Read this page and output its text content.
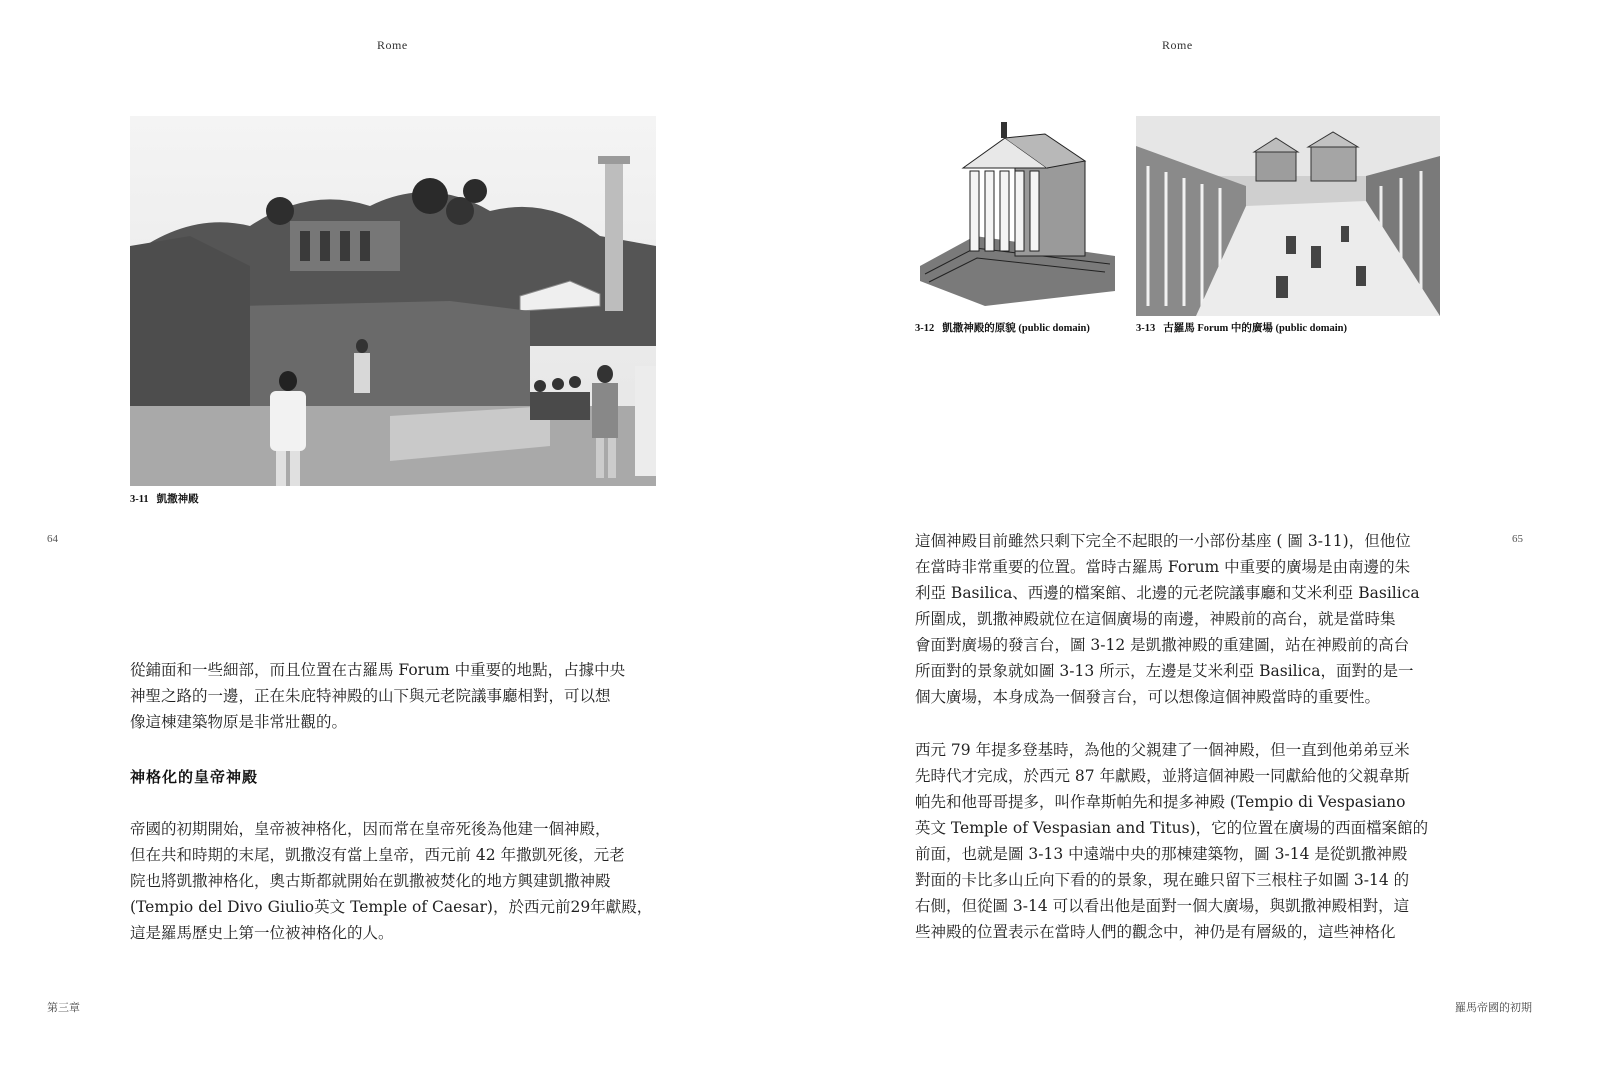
Rome
3-11 凱撒神殿
64

從鋪面和一些細部，而且位置在古羅馬 Forum 中重要的地點，占據中央

神聖之路的一邊，正在朱庇特神殿的山下與元老院議事廳相對，可以想

像這棟建築物原是非常壯觀的。

神格化的皇帝神殿

帝國的初期開始，皇帝被神格化，因而常在皇帝死後為他建一個神殿，

但在共和時期的末尾，凱撒沒有當上皇帝，西元前 42 年撒凱死後，元老

院也將凱撒神格化，奧古斯都就開始在凱撒被焚化的地方興建凱撒神殿

(Tempio del Divo Giulio英文 Temple of Caesar)，於西元前29年獻殿，

這是羅馬歷史上第一位被神格化的人。

第三章
Rome
3-12 凱撒神殿的原貌 (public domain)	3-13 古羅馬 Forum 中的廣場 (public domain)
65

這個神殿目前雖然只剩下完全不起眼的一小部份基座 ( 圖 3-11)，但他位

在當時非常重要的位置。當時古羅馬 Forum 中重要的廣場是由南邊的朱

利亞 Basilica、西邊的檔案館、北邊的元老院議事廳和艾米利亞 Basilica

所圍成，凱撒神殿就位在這個廣場的南邊，神殿前的高台，就是當時集

會面對廣場的發言台，圖 3-12 是凱撒神殿的重建圖，站在神殿前的高台

所面對的景象就如圖 3-13 所示，左邊是艾米利亞 Basilica，面對的是一

個大廣場，本身成為一個發言台，可以想像這個神殿當時的重要性。

西元 79 年提多登基時，為他的父親建了一個神殿，但一直到他弟弟豆米

先時代才完成，於西元 87 年獻殿，並將這個神殿一同獻給他的父親韋斯

帕先和他哥哥提多，叫作韋斯帕先和提多神殿 (Tempio di Vespasiano

英文 Temple of Vespasian and Titus)，它的位置在廣場的西面檔案館的

前面，也就是圖 3-13 中遠端中央的那棟建築物，圖 3-14 是從凱撒神殿

對面的卡比多山丘向下看的的景象，現在雖只留下三根柱子如圖 3-14 的

右側，但從圖 3-14 可以看出他是面對一個大廣場，與凱撒神殿相對，這

些神殿的位置表示在當時人們的觀念中，神仍是有層級的，這些神格化

羅馬帝國的初期
